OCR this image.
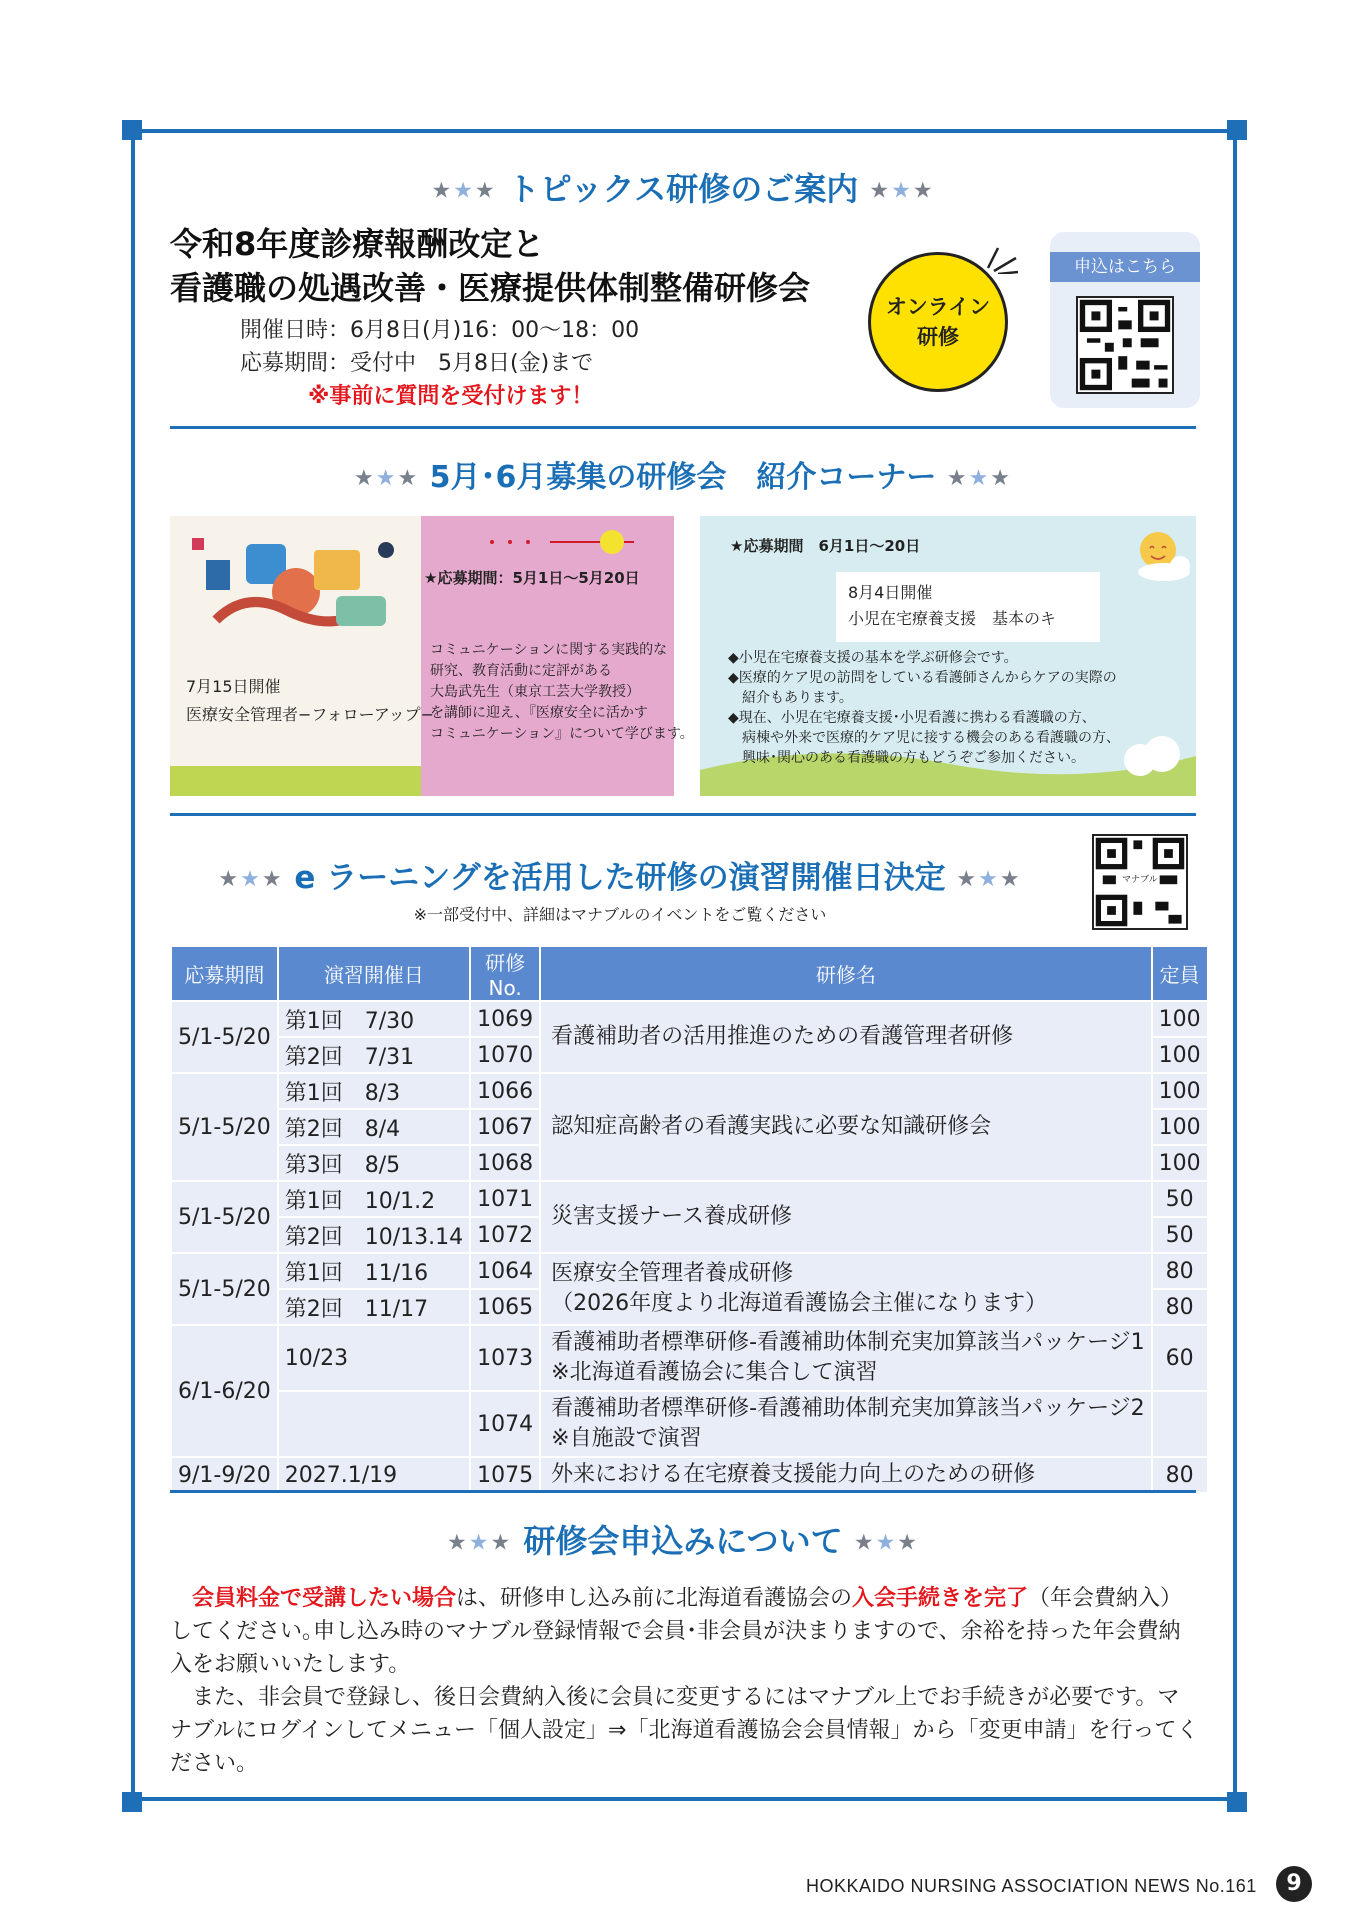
★★★ トピックス研修のご案内 ★★★
令和8年度診療報酬改定と
看護職の処遇改善・医療提供体制整備研修会
開催日時：6月8日(月)16：00～18：00
応募期間：受付中　5月8日(金)まで
※事前に質問を受付けます！
オンライン
研修
申込はこちら
★★★ 5月･6月募集の研修会　紹介コーナー ★★★
★応募期間：5月1日～5月20日
7月15日開催
医療安全管理者−フォローアップ−
コミュニケーションに関する実践的な
研究、教育活動に定評がある
大島武先生（東京工芸大学教授）
を講師に迎え、『医療安全に活かす
コミュニケーション』について学びます。
★応募期間　6月1日～20日
8月4日開催
小児在宅療養支援　基本のキ
◆小児在宅療養支援の基本を学ぶ研修会です。
◆医療的ケア児の訪問をしている看護師さんからケアの実際の
　紹介もあります。
◆現在、小児在宅療養支援･小児看護に携わる看護職の方、
　病棟や外来で医療的ケア児に接する機会のある看護職の方、
　興味･関心のある看護職の方もどうぞご参加ください。
★★★ e ラーニングを活用した研修の演習開催日決定 ★★★
※一部受付中、詳細はマナブルのイベントをご覧ください
マナブル
応募期間	演習開催日	研修No.	研修名	定員
5/1-5/20	第1回　7/30	1069	看護補助者の活用推進のための看護管理者研修	100
	第2回　7/31	1070		100
5/1-5/20	第1回　8/3	1066	認知症高齢者の看護実践に必要な知識研修会	100
	第2回　8/4	1067		100
	第3回　8/5	1068		100
5/1-5/20	第1回　10/1.2	1071	災害支援ナース養成研修	50
	第2回　10/13.14	1072		50
5/1-5/20	第1回　11/16	1064	医療安全管理者養成研修
（2026年度より北海道看護協会主催になります）	80
	第2回　11/17	1065		80
6/1-6/20	10/23	1073	看護補助者標準研修-看護補助体制充実加算該当パッケージ1
※北海道看護協会に集合して演習	60
		1074	看護補助者標準研修-看護補助体制充実加算該当パッケージ2
※自施設で演習	

9/1-9/20	2027.1/19	1075	外来における在宅療養支援能力向上のための研修	80
★★★ 研修会申込みについて ★★★

会員料金で受講したい場合は、研修申し込み前に北海道看護協会の入会手続きを完了（年会費納入）してください｡申し込み時のマナブル登録情報で会員･非会員が決まりますので、余裕を持った年会費納入をお願いいたします。

また、非会員で登録し、後日会費納入後に会員に変更するにはマナブル上でお手続きが必要です。マナブルにログインしてメニュー「個人設定」⇒「北海道看護協会会員情報」から「変更申請」を行ってください。

HOKKAIDO NURSING ASSOCIATION NEWS No.161	9
